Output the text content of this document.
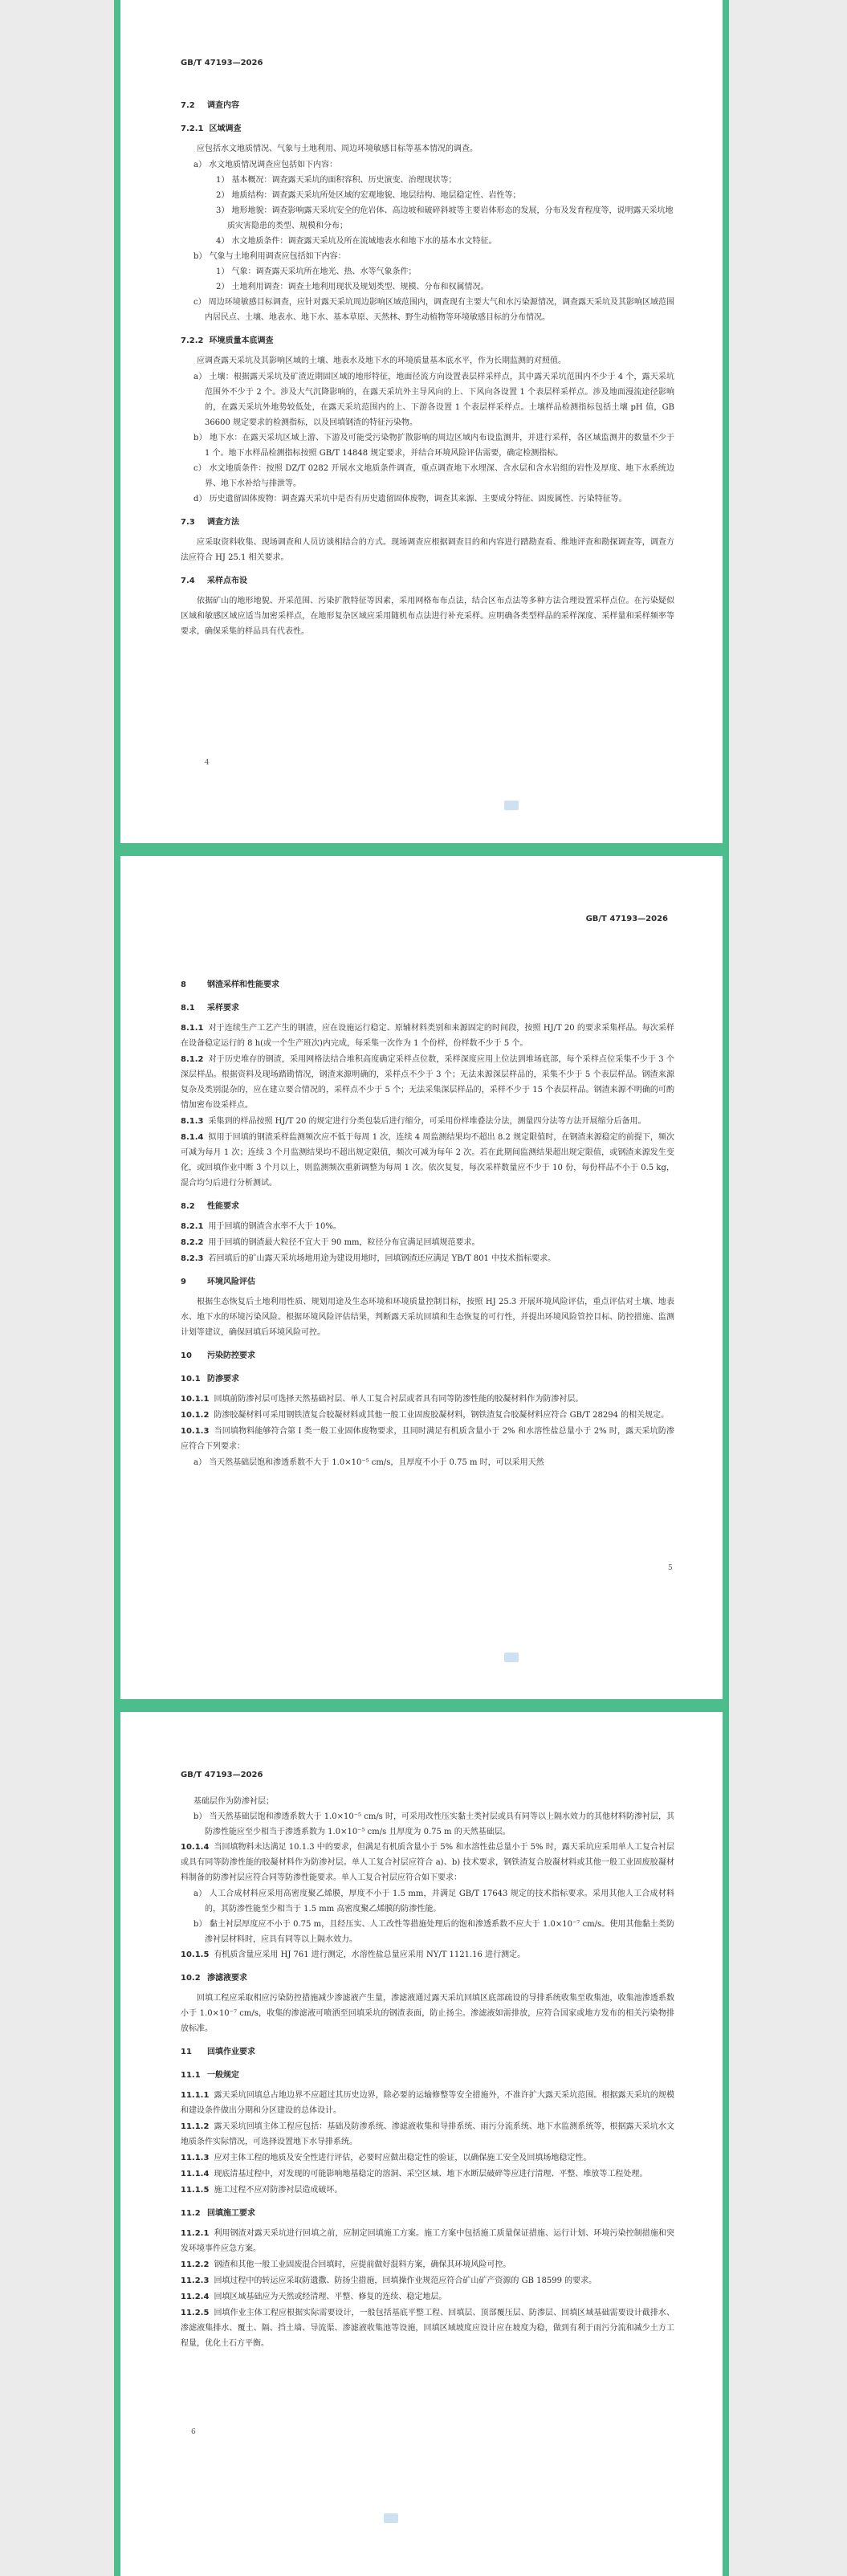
GB/T 47193—2026
7.2 调查内容
7.2.1 区域调查

应包括水文地质情况、气象与土地利用、周边环境敏感目标等基本情况的调查。

a） 水文地质情况调查应包括如下内容：

1） 基本概况：调查露天采坑的面积容积、历史演变、治理现状等；

2） 地质结构：调查露天采坑所处区域的宏观地貌、地层结构、地层稳定性、岩性等；

3） 地形地貌：调查影响露天采坑安全的危岩体、高边坡和破碎斜坡等主要岩体形态的发展，分布及发育程度等，说明露天采坑地质灾害隐患的类型、规模和分布；

4） 水文地质条件：调查露天采坑及所在流域地表水和地下水的基本水文特征。

b） 气象与土地利用调查应包括如下内容：

1） 气象：调查露天采坑所在地光、热、水等气象条件；

2） 土地利用调查：调查土地利用现状及规划类型、规模、分布和权属情况。

c） 周边环境敏感目标调查，应针对露天采坑周边影响区域范围内，调查现有主要大气和水污染源情况，调查露天采坑及其影响区域范围内居民点、土壤、地表水、地下水、基本草原、天然林、野生动植物等环境敏感目标的分布情况。

7.2.2 环境质量本底调查

应调查露天采坑及其影响区域的土壤、地表水及地下水的环境质量基本底水平，作为长期监测的对照值。

a） 土壤：根据露天采坑及矿渣近期固区域的地形特征，地面径流方向设置表层样采样点，其中露天采坑范围内不少于 4 个，露天采坑范围外不少于 2 个。涉及大气沉降影响的，在露天采坑外主导风向的上、下风向各设置 1 个表层样采样点。涉及地面漫流途径影响的，在露天采坑外地势较低处，在露天采坑范围内的上、下游各设置 1 个表层样采样点。土壤样品检测指标包括土壤 pH 值，GB 36600 规定要求的检测指标，以及回填钢渣的特征污染物。

b） 地下水：在露天采坑区域上游、下游及可能受污染物扩散影响的周边区域内布设监测井，并进行采样，各区域监测井的数量不少于 1 个。地下水样品检测指标按照 GB/T 14848 规定要求，并结合环境风险评估需要，确定检测指标。

c） 水文地质条件：按照 DZ/T 0282 开展水文地质条件调查，重点调查地下水埋深、含水层和含水岩组的岩性及厚度、地下水系统边界、地下水补给与排泄等。

d） 历史遗留固体废物：调查露天采坑中是否有历史遗留固体废物，调查其来源、主要成分特征、固废属性、污染特征等。

7.3 调查方法

应采取资料收集、现场调查和人员访谈相结合的方式。现场调查应根据调查目的和内容进行踏勘查看、维地评查和勘探调查等，调查方法应符合 HJ 25.1 相关要求。

7.4 采样点布设

依据矿山的地形地貌、开采范围、污染扩散特征等因素，采用网格布布点法，结合区布点法等多种方法合理设置采样点位。在污染疑似区域和敏感区域应适当加密采样点，在地形复杂区域应采用随机布点法进行补充采样。应明确各类型样品的采样深度、采样量和采样频率等要求，确保采集的样品具有代表性。

GB/T 47193—2026
8	钢渣采样和性能要求
8.1 采样要求

8.1.1 对于连续生产工艺产生的钢渣，应在设施运行稳定、原辅材料类别和来源固定的时间段，按照 HJ/T 20 的要求采集样品。每次采样在设备稳定运行的 8 h(或一个生产班次)内完成，每采集一次作为 1 个份样，份样数不少于 5 个。

8.1.2 对于历史堆存的钢渣，采用网格法结合堆积高度确定采样点位数，采样深度应用上位法到堆场底部，每个采样点位采集不少于 3 个深层样品。根据资料及现场踏勘情况，钢渣来源明确的，采样点不少于 3 个；无法来源深层样品的，采集不少于 5 个表层样品。钢渣来源复杂及类别混杂的，应在建立要合情况的，采样点不少于 5 个；无法采集深层样品的，采样不少于 15 个表层样品。钢渣来源不明确的可酌情加密布设采样点。

8.1.3 采集到的样品按照 HJ/T 20 的规定进行分类包装后进行缩分，可采用份样堆叠法分法，测量四分法等方法开展缩分后备用。

8.1.4 拟用于回填的钢渣采样监测频次应不低于每周 1 次，连续 4 周监测结果均不超出 8.2 规定限值时，在钢渣来源稳定的前提下，频次可减为每月 1 次；连续 3 个月监测结果均不超出规定限值，频次可减为每年 2 次。若在此期间监测结果超出规定限值，或钢渣来源发生变化，或回填作业中断 3 个月以上，则监测频次重新调整为每周 1 次。依次复复，每次采样数量应不少于 10 份，每份样品不小于 0.5 kg，混合均匀后进行分析测试。

8.2 性能要求

8.2.1 用于回填的钢渣含水率不大于 10%。

8.2.2 用于回填的钢渣最大粒径不宜大于 90 mm，粒径分布宜满足回填规范要求。

8.2.3 若回填后的矿山露天采坑场地用途为建设用地时，回填钢渣还应满足 YB/T 801 中技术指标要求。

9	环境风险评估

根据生态恢复后土地利用性质、规划用途及生态环境和环境质量控制目标，按照 HJ 25.3 开展环境风险评估，重点评估对土壤、地表水、地下水的环境污染风险。根据环境风险评估结果，判断露天采坑回填和生态恢复的可行性，并提出环境风险管控目标、防控措施、监测计划等建议，确保回填后环境风险可控。

10 污染防控要求
10.1 防渗要求

10.1.1 回填前防渗衬层可选择天然基础衬层、单人工复合衬层或者具有同等防渗性能的胶凝材料作为防渗衬层。

10.1.2 防渗胶凝材料可采用钢铁渣复合胶凝材料或其他一般工业固废胶凝材料，钢铁渣复合胶凝材料应符合 GB/T 28294 的相关规定。

10.1.3 当回填物料能够符合第 I 类一般工业固体废物要求，且同时满足有机质含量小于 2% 和水溶性盐总量小于 2% 时，露天采坑防渗应符合下列要求：

a） 当天然基础层饱和渗透系数不大于 1.0×10⁻⁵ cm/s，且厚度不小于 0.75 m 时，可以采用天然

GB/T 47193—2026

基础层作为防渗衬层；

b） 当天然基础层饱和渗透系数大于 1.0×10⁻⁵ cm/s 时，可采用改性压实黏土类衬层或具有同等以上隔水效力的其他材料防渗衬层，其防渗性能应至少相当于渗透系数为 1.0×10⁻⁵ cm/s 且厚度为 0.75 m 的天然基础层。

10.1.4 当回填物料未达满足 10.1.3 中的要求，但满足有机质含量小于 5% 和水溶性盐总量小于 5% 时，露天采坑应采用单人工复合衬层或具有同等防渗性能的胶凝材料作为防渗衬层。单人工复合衬层应符合 a)、b) 技术要求，钢铁渣复合胶凝材料或其他一般工业固废胶凝材料制备的防渗衬层应符合同等防渗性能要求。单人工复合衬层应符合如下要求：

a） 人工合成材料应采用高密度聚乙烯膜，厚度不小于 1.5 mm，并满足 GB/T 17643 规定的技术指标要求。采用其他人工合成材料的，其防渗性能至少相当于 1.5 mm 高密度聚乙烯膜的防渗性能。

b） 黏土衬层厚度应不小于 0.75 m，且经压实、人工改性等措施处理后的饱和渗透系数不应大于 1.0×10⁻⁷ cm/s。使用其他黏土类防渗衬层材料时，应具有同等以上隔水效力。

10.1.5 有机质含量应采用 HJ 761 进行测定，水溶性盐总量应采用 NY/T 1121.16 进行测定。

10.2 渗滤液要求

回填工程应采取相应污染防控措施减少渗滤液产生量，渗滤液通过露天采坑回填区底部疏设的导排系统收集至收集池，收集池渗透系数小于 1.0×10⁻⁷ cm/s，收集的渗滤液可喷洒至回填采坑的钢渣表面，防止扬尘。渗滤液如需排放，应符合国家或地方发布的相关污染物排放标准。

11 回填作业要求
11.1 一般规定

11.1.1 露天采坑回填总占地边界不应超过其历史边界，除必要的运输修整等安全措施外，不准许扩大露天采坑范围。根据露天采坑的规模和建设条件做出分期和分区建设的总体设计。

11.1.2 露天采坑回填主体工程应包括：基础及防渗系统、渗滤液收集和导排系统、雨污分流系统、地下水监测系统等，根据露天采坑水文地质条件实际情况，可选择设置地下水导排系统。

11.1.3 应对主体工程的地质及安全性进行评估，必要时应做出稳定性的验证，以确保施工安全及回填场地稳定性。

11.1.4 现底清基过程中，对发现的可能影响地基稳定的溶洞、采空区域、地下水断层破碎等应进行清理、平整、堆放等工程处理。

11.1.5 施工过程不应对防渗衬层造成破坏。

11.2 回填施工要求

11.2.1 利用钢渣对露天采坑进行回填之前，应制定回填施工方案。施工方案中包括施工质量保证措施、运行计划、环境污染控制措施和突发环境事件应急方案。

11.2.2 钢渣和其他一般工业固废混合回填时，应提前做好混料方案，确保其环境风险可控。

11.2.3 回填过程中的转运应采取防遗撒、防扬尘措施，回填操作业规范应符合矿山矿产资源的 GB 18599 的要求。

11.2.4 回填区域基础应为天然或经清理、平整、修复的连续、稳定地层。

11.2.5 回填作业主体工程应根据实际需要设计，一般包括基底平整工程、回填层、顶部覆压层、防渗层、回填区域基础需要设计截排水、渗滤液集排水、覆土、隔、挡土墙、导流渠、渗滤液收集池等设施，回填区域坡度应设计应在坡度为稳，做到有利于雨污分流和减少土方工程量，优化土石方平衡。

4
5
6
